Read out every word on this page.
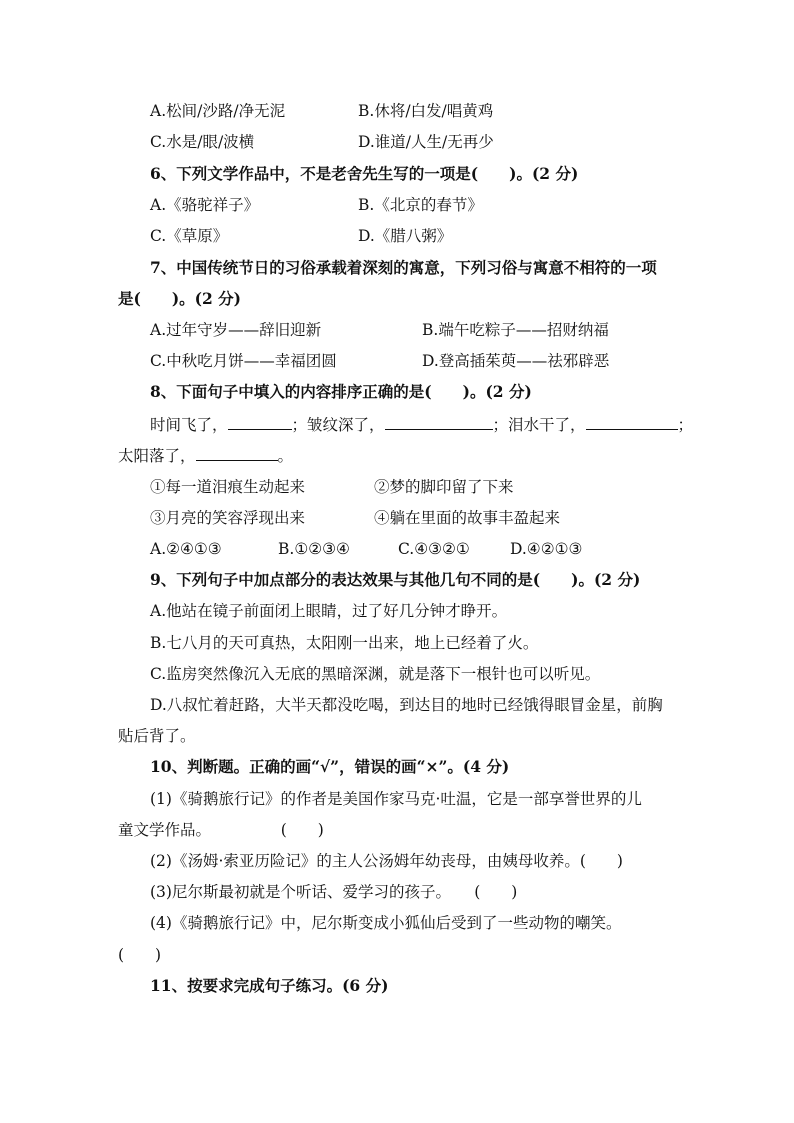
A.松间/沙路/净无泥	B.休将/白发/唱黄鸡
C.水是/眼/波横	D.谁道/人生/无再少
6、下列文学作品中，不是老舍先生写的一项是(　　)。(2 分)
A.《骆驼祥子》	B.《北京的春节》
C.《草原》	D.《腊八粥》
7、中国传统节日的习俗承载着深刻的寓意，下列习俗与寓意不相符的一项
是(　　)。(2 分)
A.过年守岁——辞旧迎新	B.端午吃粽子——招财纳福
C.中秋吃月饼——幸福团圆	D.登高插茱萸——祛邪辟恶
8、下面句子中填入的内容排序正确的是(　　)。(2 分)
时间飞了，	；皱纹深了，	；泪水干了，	；
太阳落了，	。
①每一道泪痕生动起来	②梦的脚印留了下来
③月亮的笑容浮现出来	④躺在里面的故事丰盈起来
A.②④①③	B.①②③④	C.④③②①	D.④②①③
9、下列句子中加点部分的表达效果与其他几句不同的是(　　)。(2 分)
A.他站在镜子前面闭上眼睛，过了好几分钟才睁开。
B.七八月的天可真热，太阳刚一出来，地上已经着了火。
C.监房突然像沉入无底的黑暗深渊，就是落下一根针也可以听见。
D.八叔忙着赶路，大半天都没吃喝，到达目的地时已经饿得眼冒金星，前胸
贴后背了。
10、判断题。正确的画“√”，错误的画“×”。(4 分)
(1)《骑鹅旅行记》的作者是美国作家马克·吐温，它是一部享誉世界的儿
童文学作品。　　　　　(　　)
(2)《汤姆·索亚历险记》的主人公汤姆年幼丧母，由姨母收养。(　　)
(3)尼尔斯最初就是个听话、爱学习的孩子。　　(　　)
(4)《骑鹅旅行记》中，尼尔斯变成小狐仙后受到了一些动物的嘲笑。
(　　)
11、按要求完成句子练习。(6 分)
